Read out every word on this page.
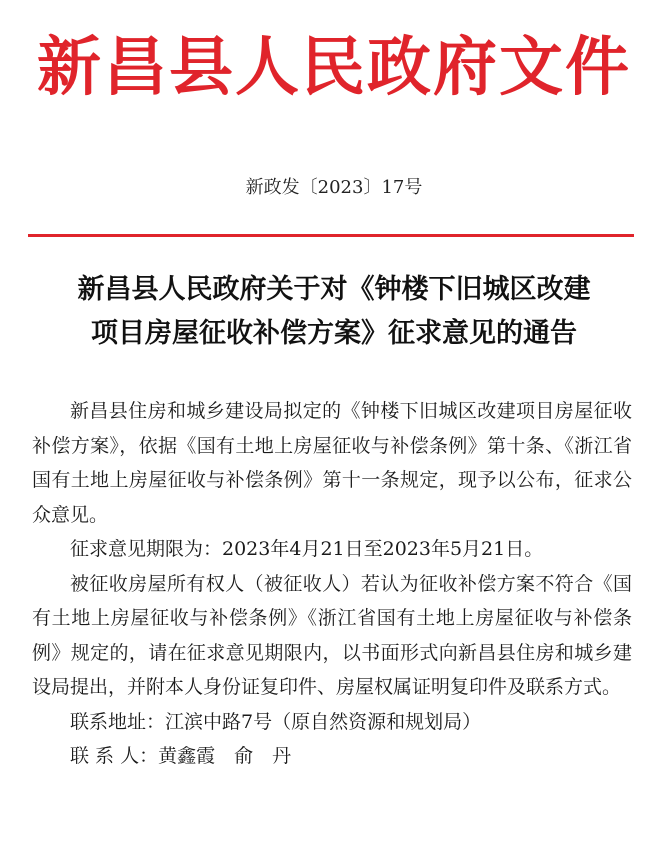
新昌县人民政府文件
新政发〔2023〕17号
新昌县人民政府关于对《钟楼下旧城区改建
项目房屋征收补偿方案》征求意见的通告

新昌县住房和城乡建设局拟定的《钟楼下旧城区改建项目房屋征收补偿方案》，依据《国有土地上房屋征收与补偿条例》第十条、《浙江省国有土地上房屋征收与补偿条例》第十一条规定，现予以公布，征求公众意见。

征求意见期限为：2023年4月21日至2023年5月21日。

被征收房屋所有权人（被征收人）若认为征收补偿方案不符合《国有土地上房屋征收与补偿条例》《浙江省国有土地上房屋征收与补偿条例》规定的，请在征求意见期限内，以书面形式向新昌县住房和城乡建设局提出，并附本人身份证复印件、房屋权属证明复印件及联系方式。

联系地址：江滨中路7号（原自然资源和规划局）

联 系 人：黄鑫霞　俞　丹
